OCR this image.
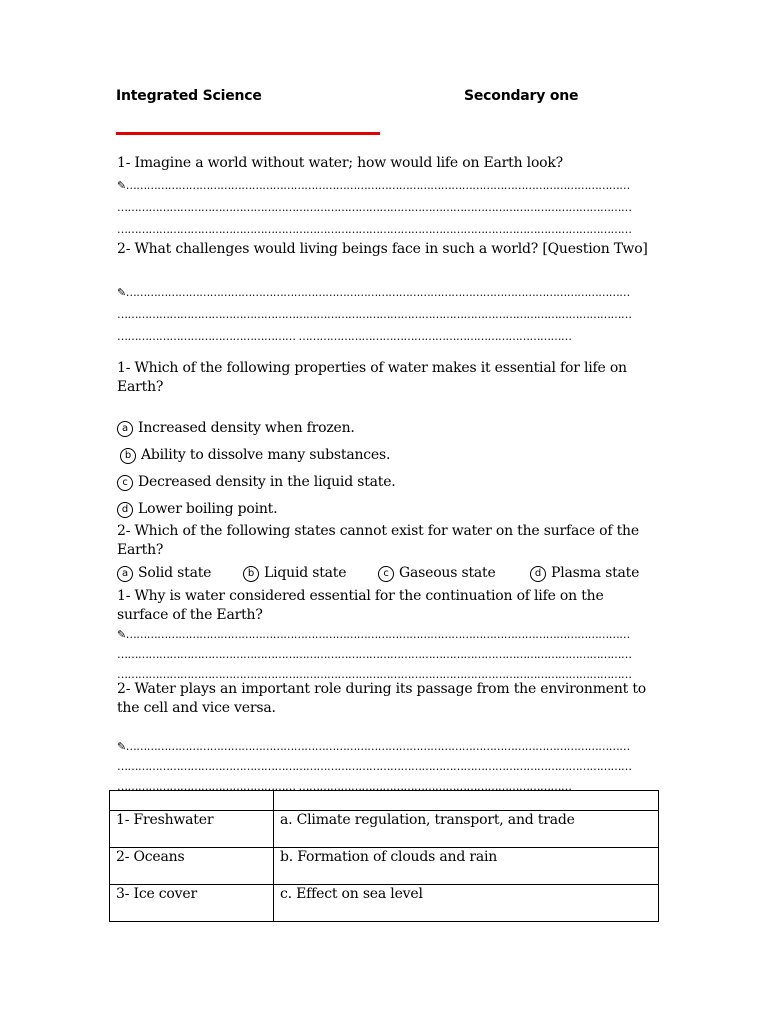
Integrated Science	Secondary one
1- Imagine a world without water; how would life on Earth look?
✎………………………………………………………………………………………………………………………………
…………………………………………………………………………………………………………………………………
…………………………………………………………………………………………………………………………………
2- What challenges would living beings face in such a world? [Question Two]
✎………………………………………………………………………………………………………………………………
…………………………………………………………………………………………………………………………………
…………………………………………… ……………………………………………………………………
1- Which of the following properties of water makes it essential for life on Earth?
a Increased density when frozen.
b Ability to dissolve many substances.
c Decreased density in the liquid state.
d Lower boiling point.
2- Which of the following states cannot exist for water on the surface of the Earth?
a Solid state	b Liquid state	c Gaseous state	d Plasma state
1- Why is water considered essential for the continuation of life on the surface of the Earth?
✎………………………………………………………………………………………………………………………………
…………………………………………………………………………………………………………………………………
…………………………………………………………………………………………………………………………………
2- Water plays an important role during its passage from the environment to the cell and vice versa.
✎………………………………………………………………………………………………………………………………
…………………………………………………………………………………………………………………………………
…………………………………………… ……………………………………………………………………

1- Freshwater	a. Climate regulation, transport, and trade
2- Oceans	b. Formation of clouds and rain
3- Ice cover	c. Effect on sea level
